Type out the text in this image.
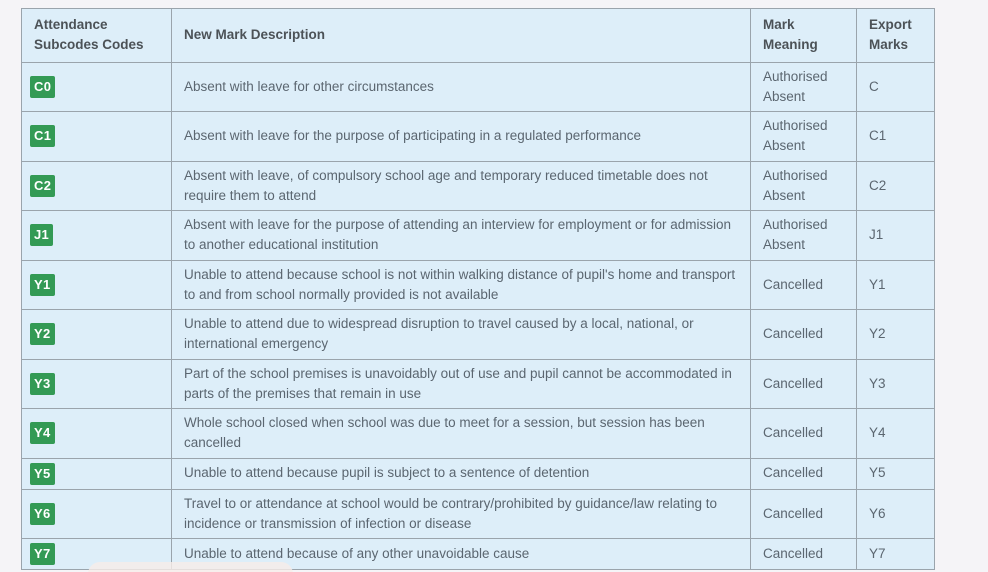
Attendance Subcodes Codes	New Mark Description	Mark Meaning	Export Marks
C0	Absent with leave for other circumstances	Authorised Absent	C
C1	Absent with leave for the purpose of participating in a regulated performance	Authorised Absent	C1
C2	Absent with leave, of compulsory school age and temporary reduced timetable does not require them to attend	Authorised Absent	C2
J1	Absent with leave for the purpose of attending an interview for employment or for admission to another educational institution	Authorised Absent	J1
Y1	Unable to attend because school is not within walking distance of pupil's home and transport to and from school normally provided is not available	Cancelled	Y1
Y2	Unable to attend due to widespread disruption to travel caused by a local, national, or international emergency	Cancelled	Y2
Y3	Part of the school premises is unavoidably out of use and pupil cannot be accommodated in parts of the premises that remain in use	Cancelled	Y3
Y4	Whole school closed when school was due to meet for a session, but session has been cancelled	Cancelled	Y4
Y5	Unable to attend because pupil is subject to a sentence of detention	Cancelled	Y5
Y6	Travel to or attendance at school would be contrary/prohibited by guidance/law relating to incidence or transmission of infection or disease	Cancelled	Y6
Y7	Unable to attend because of any other unavoidable cause	Cancelled	Y7
